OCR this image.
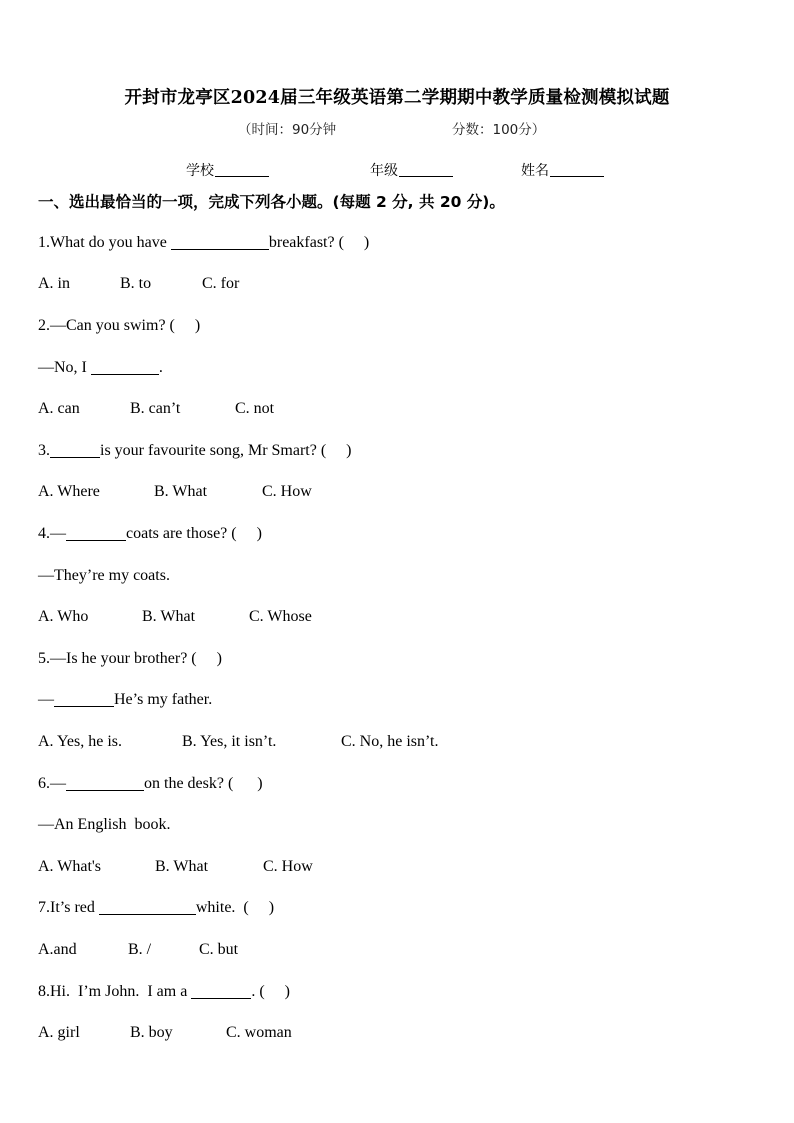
开封市龙亭区2024届三年级英语第二学期期中教学质量检测模拟试题
（时间：90分钟	分数：100分）
学校	年级	姓名
一、选出最恰当的一项，完成下列各小题。(每题 2 分, 共 20 分)。
1.What do you have	breakfast? (     )

A. in

	B. to

	C. for

2.—Can you swim? (     )
—No, I	.

A. can

	B. can’t

	C. not

3.	is your favourite song, Mr Smart? (     )

A. Where

	B. What

	C. How

4.—	coats are those? (     )
—They’re my coats.

A. Who

	B. What

	C. Whose

5.—Is he your brother? (     )
—	He’s my father.

A. Yes, he is.

	B. Yes, it isn’t.

	C. No, he isn’t.

6.—	on the desk? (      )
—An English  book.

A. What's

	B. What

	C. How

7.It’s red	white.  (     )

A.and

	B. /

	C. but

8.Hi.  I’m John.  I am a	. (     )

A. girl

	B. boy

	C. woman
